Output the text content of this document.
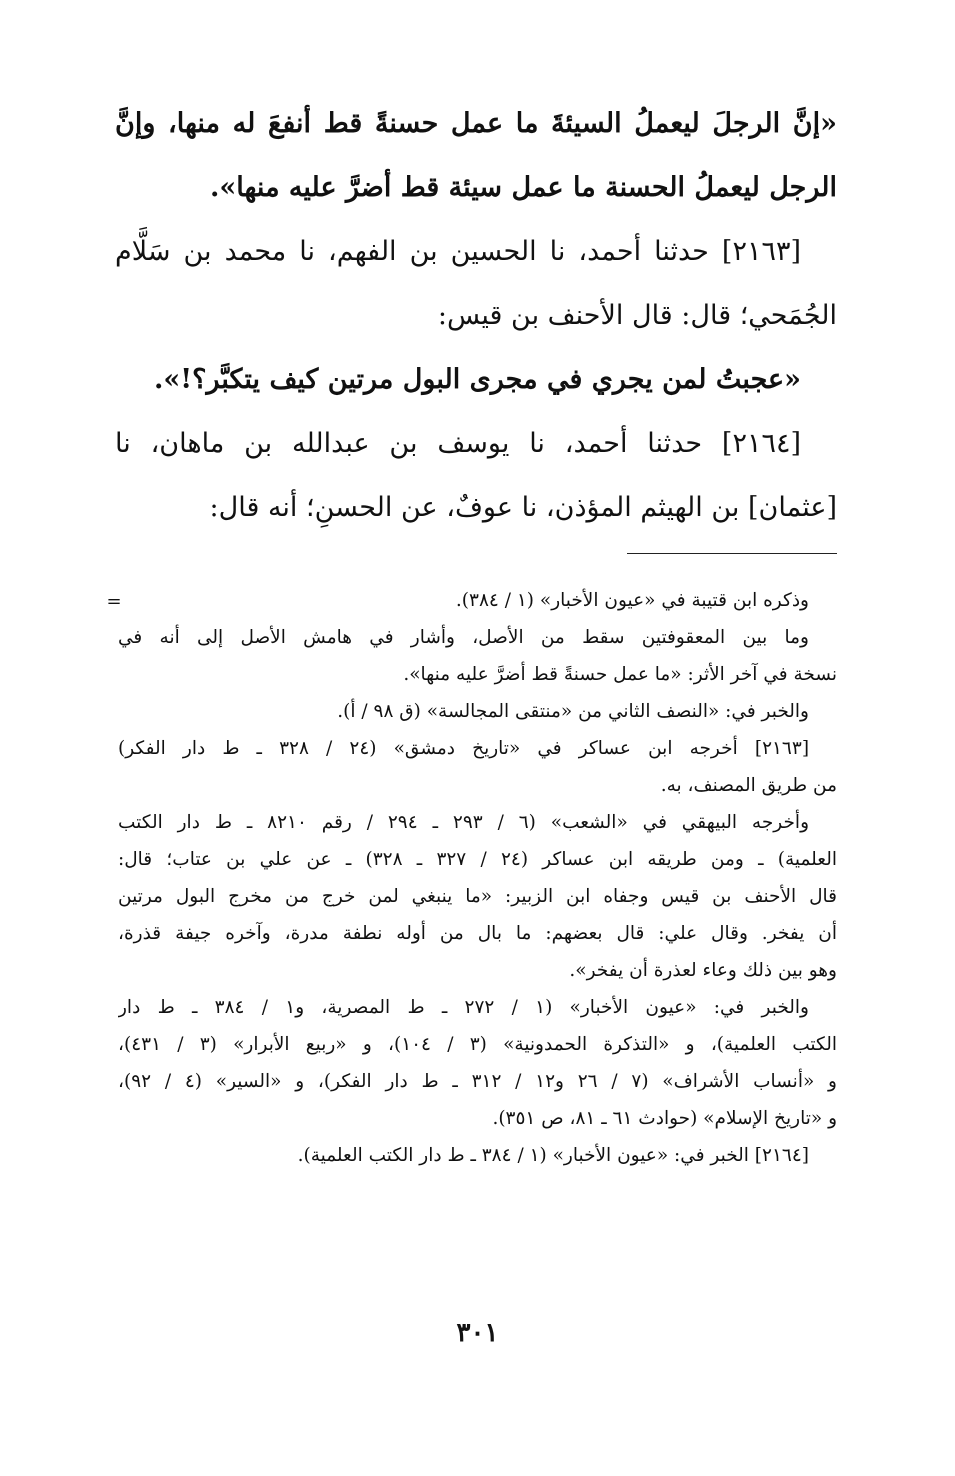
«إنَّ الرجلَ ليعملُ السيئةَ ما عمل حسنةً قط أنفعَ له منها، وإنَّ
الرجل ليعملُ الحسنة ما عمل سيئة قط أضرَّ عليه منها».
[٢١٦٣] حدثنا أحمد، نا الحسين بن الفهم، نا محمد بن سَلَّام
الجُمَحي؛ قال: قال الأحنف بن قيس:
«عجبتُ لمن يجري في مجرى البول مرتين كيف يتكبَّر؟!».
[٢١٦٤] حدثنا أحمد، نا يوسف بن عبدالله بن ماهان، نا
[عثمان] بن الهيثم المؤذن، نا عوفٌ، عن الحسنِ؛ أنه قال:
=	وذكره ابن قتيبة في «عيون الأخبار» (١ / ٣٨٤).
وما بين المعقوفتين سقط من الأصل، وأشار في هامش الأصل إلى أنه في
نسخة في آخر الأثر: «ما عمل حسنةً قط أضرَّ عليه منها».
والخبر في: «النصف الثاني من «منتقى المجالسة» (ق ٩٨ / أ).
[٢١٦٣] أخرجه ابن عساكر في «تاريخ دمشق» (٢٤ / ٣٢٨ ـ ط دار الفكر)
من طريق المصنف، به.
وأخرجه البيهقي في «الشعب» (٦ / ٢٩٣ ـ ٢٩٤ / رقم ٨٢١٠ ـ ط دار الكتب
العلمية) ـ ومن طريقه ابن عساكر (٢٤ / ٣٢٧ ـ ٣٢٨) ـ عن علي بن عتاب؛ قال:
قال الأحنف بن قيس وجفاه ابن الزبير: «ما ينبغي لمن خرج من مخرج البول مرتين
أن يفخر. وقال علي: قال بعضهم: ما بال من أوله نطفة مدرة، وآخره جيفة قذرة،
وهو بين ذلك وعاء لعذرة أن يفخر».
والخبر في: «عيون الأخبار» (١ / ٢٧٢ ـ ط المصرية، و١ / ٣٨٤ ـ ط دار
الكتب العلمية)، و «التذكرة الحمدونية» (٣ / ١٠٤)، و «ربيع الأبرار» (٣ / ٤٣١)،
و «أنساب الأشراف» (٧ / ٢٦ و١٢ / ٣١٢ ـ ط دار الفكر)، و «السير» (٤ / ٩٢)،
و «تاريخ الإسلام» (حوادث ٦١ ـ ٨١، ص ٣٥١).
[٢١٦٤] الخبر في: «عيون الأخبار» (١ / ٣٨٤ ـ ط دار الكتب العلمية).
٣٠١
